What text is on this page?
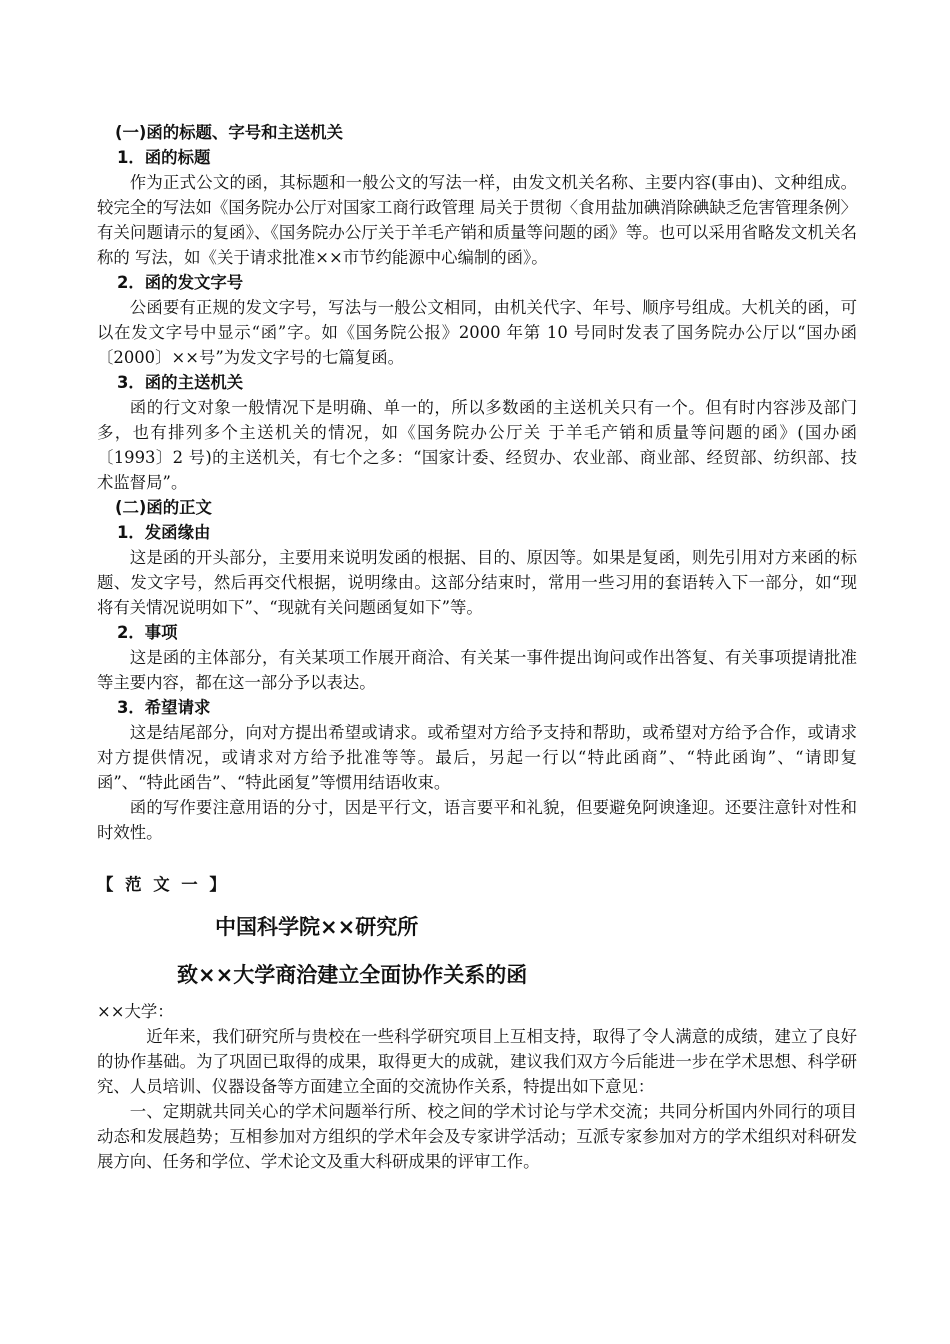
(一)函的标题、字号和主送机关
1．函的标题

作为正式公文的函，其标题和一般公文的写法一样，由发文机关名称、主要内容(事由)、文种组成。较完全的写法如《国务院办公厅对国家工商行政管理 局关于贯彻〈食用盐加碘消除碘缺乏危害管理条例〉有关问题请示的复函》、《国务院办公厅关于羊毛产销和质量等问题的函》等。也可以采用省略发文机关名称的 写法，如《关于请求批准××市节约能源中心编制的函》。

2．函的发文字号

公函要有正规的发文字号，写法与一般公文相同，由机关代字、年号、顺序号组成。大机关的函，可以在发文字号中显示“函”字。如《国务院公报》2000 年第 10 号同时发表了国务院办公厅以“国办函〔2000〕××号”为发文字号的七篇复函。

3．函的主送机关

函的行文对象一般情况下是明确、单一的，所以多数函的主送机关只有一个。但有时内容涉及部门多，也有排列多个主送机关的情况，如《国务院办公厅关 于羊毛产销和质量等问题的函》(国办函〔1993〕2 号)的主送机关，有七个之多：“国家计委、经贸办、农业部、商业部、经贸部、纺织部、技术监督局”。

(二)函的正文
1．发函缘由

这是函的开头部分，主要用来说明发函的根据、目的、原因等。如果是复函，则先引用对方来函的标题、发文字号，然后再交代根据，说明缘由。这部分结束时，常用一些习用的套语转入下一部分，如“现将有关情况说明如下”、“现就有关问题函复如下”等。

2．事项

这是函的主体部分，有关某项工作展开商洽、有关某一事件提出询问或作出答复、有关事项提请批准等主要内容，都在这一部分予以表达。

3．希望请求

这是结尾部分，向对方提出希望或请求。或希望对方给予支持和帮助，或希望对方给予合作，或请求对方提供情况，或请求对方给予批准等等。最后，另起一行以“特此函商”、“特此函询”、“请即复函”、“特此函告”、“特此函复”等惯用结语收束。

函的写作要注意用语的分寸，因是平行文，语言要平和礼貌，但要避免阿谀逢迎。还要注意针对性和时效性。

【 范 文 一 】
中国科学院××研究所
致××大学商洽建立全面协作关系的函
××大学：

近年来，我们研究所与贵校在一些科学研究项目上互相支持，取得了令人满意的成绩，建立了良好的协作基础。为了巩固已取得的成果，取得更大的成就，建议我们双方今后能进一步在学术思想、科学研究、人员培训、仪器设备等方面建立全面的交流协作关系，特提出如下意见：

一、定期就共同关心的学术问题举行所、校之间的学术讨论与学术交流；共同分析国内外同行的项目动态和发展趋势；互相参加对方组织的学术年会及专家讲学活动；互派专家参加对方的学术组织对科研发展方向、任务和学位、学术论文及重大科研成果的评审工作。
